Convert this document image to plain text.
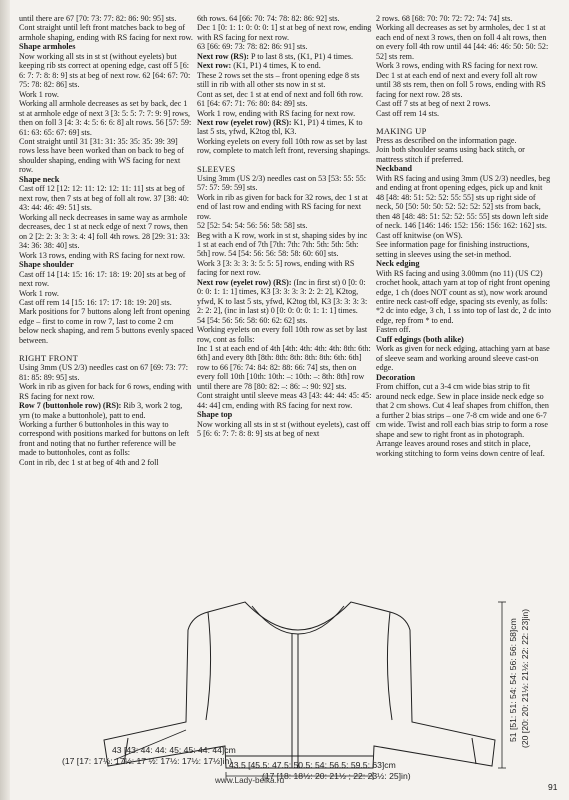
until there are 67 [70: 73: 77: 82: 86: 90: 95] sts.

Cont straight until left front matches back to beg of armhole shaping, ending with RS facing for next row.

Shape armholes

Now working all sts in st st (without eyelets) but keeping rib sts correct at opening edge, cast off 5 [6: 6: 7: 7: 8: 8: 9] sts at beg of next row. 62 [64: 67: 70: 75: 78: 82: 86] sts.

Work 1 row.

Working all armhole decreases as set by back, dec 1 st at armhole edge of next 3 [3: 5: 5: 7: 7: 9: 9] rows, then on foll 3 [4: 3: 4: 5: 6: 6: 8] alt rows. 56 [57: 59: 61: 63: 65: 67: 69] sts.

Cont straight until 31 [31: 31: 35: 35: 35: 39: 39] rows less have been worked than on back to beg of shoulder shaping, ending with WS facing for next row.

Shape neck

Cast off 12 [12: 12: 11: 12: 12: 11: 11] sts at beg of next row, then 7 sts at beg of foll alt row. 37 [38: 40: 43: 44: 46: 49: 51] sts.

Working all neck decreases in same way as armhole decreases, dec 1 st at neck edge of next 7 rows, then on 2 [2: 2: 3: 3: 3: 4: 4] foll 4th rows. 28 [29: 31: 33: 34: 36: 38: 40] sts.

Work 13 rows, ending with RS facing for next row.

Shape shoulder

Cast off 14 [14: 15: 16: 17: 18: 19: 20] sts at beg of next row.

Work 1 row.

Cast off rem 14 [15: 16: 17: 17: 18: 19: 20] sts.

Mark positions for 7 buttons along left front opening edge – first to come in row 7, last to come 2 cm below neck shaping, and rem 5 buttons evenly spaced between.

RIGHT FRONT

Using 3mm (US 2/3) needles cast on 67 [69: 73: 77: 81: 85: 89: 95] sts.

Work in rib as given for back for 6 rows, ending with RS facing for next row.

Row 7 (buttonhole row) (RS): Rib 3, work 2 tog, yrn (to make a buttonhole), patt to end.

Working a further 6 buttonholes in this way to correspond with positions marked for buttons on left front and noting that no further reference will be made to buttonholes, cont as folls:

Cont in rib, dec 1 st at beg of 4th and 2 foll

6th rows. 64 [66: 70: 74: 78: 82: 86: 92] sts.

Dec 1 [0: 1: 1: 0: 0: 0: 1] st at beg of next row, ending with RS facing for next row.

63 [66: 69: 73: 78: 82: 86: 91] sts.

Next row (RS): P to last 8 sts, (K1, P1) 4 times.

Next row: (K1, P1) 4 times, K to end.

These 2 rows set the sts – front opening edge 8 sts still in rib with all other sts now in st st.

Cont as set, dec 1 st at end of next and foll 6th row. 61 [64: 67: 71: 76: 80: 84: 89] sts.

Work 1 row, ending with RS facing for next row.

Next row (eyelet row) (RS): K1, P1) 4 times, K to last 5 sts, yfwd, K2tog tbl, K3.

Working eyelets on every foll 10th row as set by last row, complete to match left front, reversing shapings.

SLEEVES

Using 3mm (US 2/3) needles cast on 53 [53: 55: 55: 57: 57: 59: 59] sts.

Work in rib as given for back for 32 rows, dec 1 st at end of last row and ending with RS facing for next row.

52 [52: 54: 54: 56: 56: 58: 58] sts.

Beg with a K row, work in st st, shaping sides by inc 1 st at each end of 7th [7th: 7th: 7th: 5th: 5th: 5th: 5th] row. 54 [54: 56: 56: 58: 58: 60: 60] sts.

Work 3 [3: 3: 3: 3: 5: 5: 5] rows, ending with RS facing for next row.

Next row (eyelet row) (RS): (Inc in first st) 0 [0: 0: 0: 0: 1: 1: 1] times, K3 [3: 3: 3: 3: 2: 2: 2], K2tog, yfwd, K to last 5 sts, yfwd, K2tog tbl, K3 [3: 3: 3: 3: 2: 2: 2], (inc in last st) 0 [0: 0: 0: 0: 1: 1: 1] times.

54 [54: 56: 56: 58: 60: 62: 62] sts.

Working eyelets on every foll 10th row as set by last row, cont as folls:

Inc 1 st at each end of 4th [4th: 4th: 4th: 4th: 8th: 6th: 6th] and every 8th [8th: 8th: 8th: 8th: 8th: 6th: 6th] row to 66 [76: 74: 84: 82: 88: 66: 74] sts, then on every foll 10th [10th: 10th: –: 10th: –: 8th: 8th] row until there are 78 [80: 82: –: 86: –: 90: 92] sts.

Cont straight until sleeve meas 43 [43: 44: 44: 45: 45: 44: 44] cm, ending with RS facing for next row.

Shape top

Now working all sts in st st (without eyelets), cast off 5 [6: 6: 7: 7: 8: 8: 9] sts at beg of next

2 rows. 68 [68: 70: 70: 72: 72: 74: 74] sts.

Working all decreases as set by armholes, dec 1 st at each end of next 3 rows, then on foll 4 alt rows, then on every foll 4th row until 44 [44: 46: 46: 50: 50: 52: 52] sts rem.

Work 3 rows, ending with RS facing for next row.

Dec 1 st at each end of next and every foll alt row until 38 sts rem, then on foll 5 rows, ending with RS facing for next row. 28 sts.

Cast off 7 sts at beg of next 2 rows.

Cast off rem 14 sts.

MAKING UP

Press as described on the information page.

Join both shoulder seams using back stitch, or mattress stitch if preferred.

Neckband

With RS facing and using 3mm (US 2/3) needles, beg and ending at front opening edges, pick up and knit 48 [48: 48: 51: 52: 52: 55: 55] sts up right side of neck, 50 [50: 50: 50: 52: 52: 52: 52] sts from back, then 48 [48: 48: 51: 52: 52: 55: 55] sts down left side of neck. 146 [146: 146: 152: 156: 156: 162: 162] sts.

Cast off knitwise (on WS).

See information page for finishing instructions, setting in sleeves using the set-in method.

Neck edging

With RS facing and using 3.00mm (no 11) (US C2) crochet hook, attach yarn at top of right front opening edge, 1 ch (does NOT count as st), now work around entire neck cast-off edge, spacing sts evenly, as folls: *2 dc into edge, 3 ch, 1 ss into top of last dc, 2 dc into edge, rep from * to end.

Fasten off.

Cuff edgings (both alike)

Work as given for neck edging, attaching yarn at base of sleeve seam and working around sleeve cast-on edge.

Decoration

From chiffon, cut a 3-4 cm wide bias strip to fit around neck edge. Sew in place inside neck edge so that 2 cm shows. Cut 4 leaf shapes from chiffon, then a further 2 bias strips – one 7-8 cm wide and one 6-7 cm wide. Twist and roll each bias strip to form a rose shape and sew to right front as in photograph. Arrange leaves around roses and stitch in place, working stitching to form veins down centre of leaf.

43 [43: 44: 44: 45: 45: 44: 44]cm
(17 [17: 17½: 17½: 17 ½: 17½: 17½: 17½]in)
43.5 [45.5: 47.5: 50.5: 54: 56.5: 59.5: 63]cm
(17 [18: 18½: 20: 21½ ; 22: 23½: 25]in)
51 [51: 51: 54: 54: 56: 56: 58]cm (20 [20: 20: 21½: 21½: 22: 22: 23]in)
www.Lady-belka.ru
91
